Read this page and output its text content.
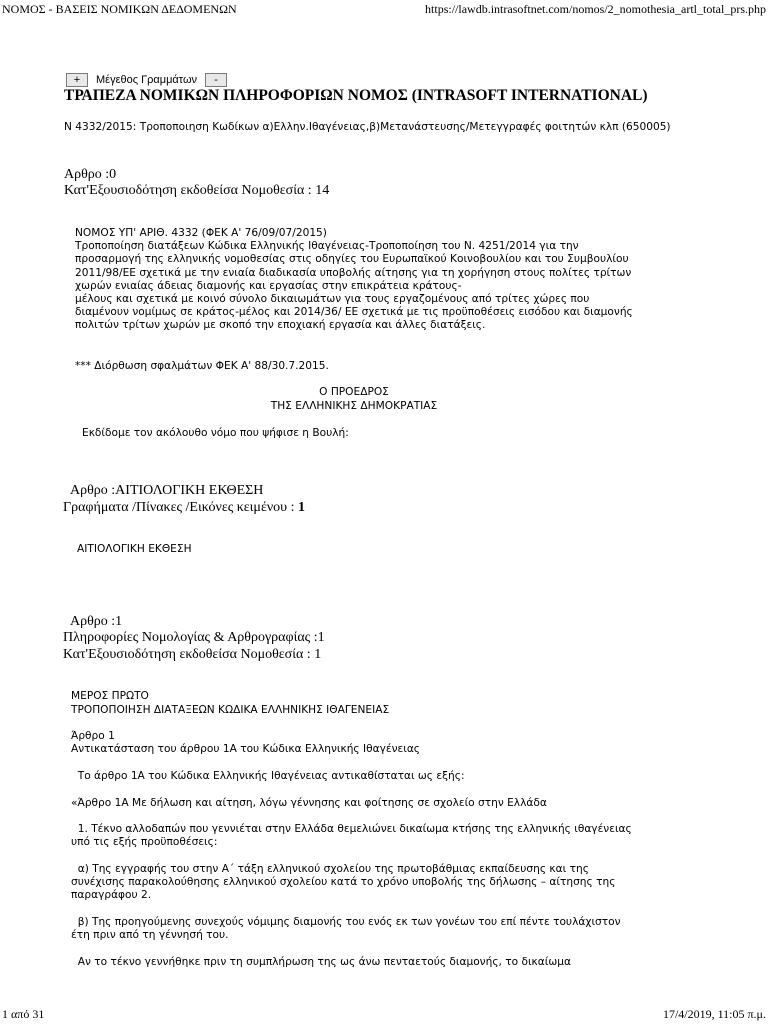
ΝΟΜΟΣ - ΒΑΣΕΙΣ ΝΟΜΙΚΩΝ ΔΕΔΟΜΕΝΩΝ	https://lawdb.intrasoftnet.com/nomos/2_nomothesia_artl_total_prs.php
+ Μέγεθος Γραμμάτων -
ΤΡΑΠΕΖΑ ΝΟΜΙΚΩΝ ΠΛΗΡΟΦΟΡΙΩΝ ΝΟΜΟΣ (INTRASOFT INTERNATIONAL)
Ν 4332/2015: Τροποποιηση Κωδίκων α)Ελλην.Ιθαγένειας,β)Μετανάστευσης/Μετεγγραφές φοιτητών κλπ (650005)
Αρθρο :0
Κατ'Εξουσιοδότηση εκδοθείσα Νομοθεσία : 14
ΝΟΜΟΣ ΥΠ' ΑΡΙΘ. 4332 (ΦΕΚ Α' 76/09/07/2015)
Τροποποίηση διατάξεων Κώδικα Ελληνικής Ιθαγένειας-Τροποποίηση του Ν. 4251/2014 για την
προσαρμογή της ελληνικής νομοθεσίας στις οδηγίες του Ευρωπαϊκού Κοινοβουλίου και του Συμβουλίου
2011/98/ΕΕ σχετικά με την ενιαία διαδικασία υποβολής αίτησης για τη χορήγηση στους πολίτες τρίτων
χωρών ενιαίας άδειας διαμονής και εργασίας στην επικράτεια κράτους-
μέλους και σχετικά με κοινό σύνολο δικαιωμάτων για τους εργαζομένους από τρίτες χώρες που
διαμένουν νομίμως σε κράτος-μέλος και 2014/36/ ΕΕ σχετικά με τις προϋποθέσεις εισόδου και διαμονής
πολιτών τρίτων χωρών με σκοπό την εποχιακή εργασία και άλλες διατάξεις.
*** Διόρθωση σφαλμάτων ΦΕΚ Α' 88/30.7.2015.
Ο ΠΡΟΕΔΡΟΣ
ΤΗΣ ΕΛΛΗΝΙΚΗΣ ΔΗΜΟΚΡΑΤΙΑΣ
Εκδίδομε τον ακόλουθο νόμο που ψήφισε η Βουλή:
Αρθρο :ΑΙΤΙΟΛΟΓΙΚΗ ΕΚΘΕΣΗ
Γραφήματα /Πίνακες /Εικόνες κειμένου : 1
ΑΙΤΙΟΛΟΓΙΚΗ ΕΚΘΕΣΗ
Αρθρο :1
Πληροφορίες Νομολογίας & Αρθρογραφίας :1
Κατ'Εξουσιοδότηση εκδοθείσα Νομοθεσία : 1
ΜΕΡΟΣ ΠΡΩΤΟ
ΤΡΟΠΟΠΟΙΗΣΗ ΔΙΑΤΑΞΕΩΝ ΚΩΔΙΚΑ ΕΛΛΗΝΙΚΗΣ ΙΘΑΓΕΝΕΙΑΣ
Άρθρο 1
Αντικατάσταση του άρθρου 1Α του Κώδικα Ελληνικής Ιθαγένειας
Το άρθρο 1Α του Κώδικα Ελληνικής Ιθαγένειας αντικαθίσταται ως εξής:
«Άρθρο 1Α Με δήλωση και αίτηση, λόγω γέννησης και φοίτησης σε σχολείο στην Ελλάδα
1. Τέκνο αλλοδαπών που γεννιέται στην Ελλάδα θεμελιώνει δικαίωμα κτήσης της ελληνικής ιθαγένειας
υπό τις εξής προϋποθέσεις:
α) Της εγγραφής του στην Α΄ τάξη ελληνικού σχολείου της πρωτοβάθμιας εκπαίδευσης και της
συνέχισης παρακολούθησης ελληνικού σχολείου κατά το χρόνο υποβολής της δήλωσης – αίτησης της
παραγράφου 2.
β) Της προηγούμενης συνεχούς νόμιμης διαμονής του ενός εκ των γονέων του επί πέντε τουλάχιστον
έτη πριν από τη γέννησή του.
Αν το τέκνο γεννήθηκε πριν τη συμπλήρωση της ως άνω πενταετούς διαμονής, το δικαίωμα
1 από 31	17/4/2019, 11:05 π.μ.
